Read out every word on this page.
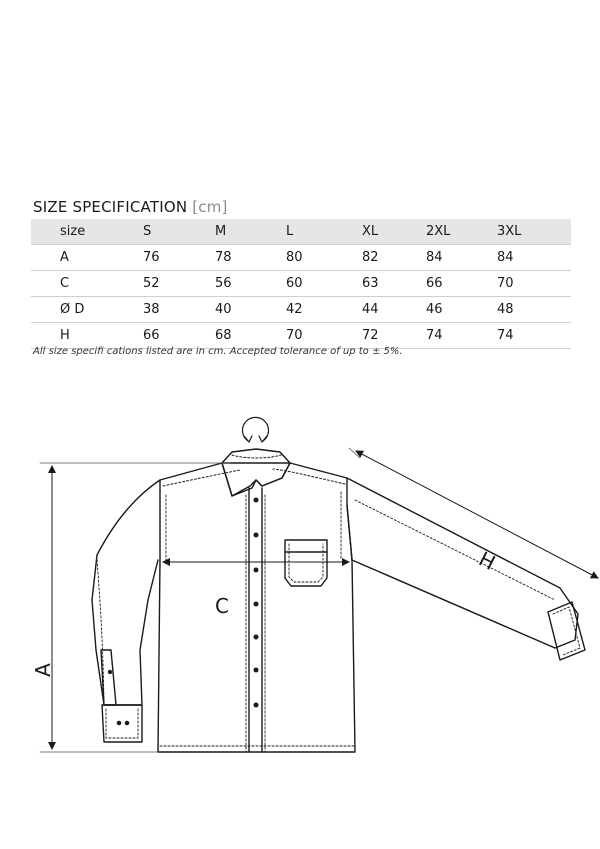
SIZE SPECIFICATION [cm]
size	S	M	L	XL	2XL	3XL
A	76	78	80	82	84	84
C	52	56	60	63	66	70
Ø D	38	40	42	44	46	48
H	66	68	70	72	74	74
All size specifi cations listed are in cm. Accepted tolerance of up to ± 5%.
A
C
H
